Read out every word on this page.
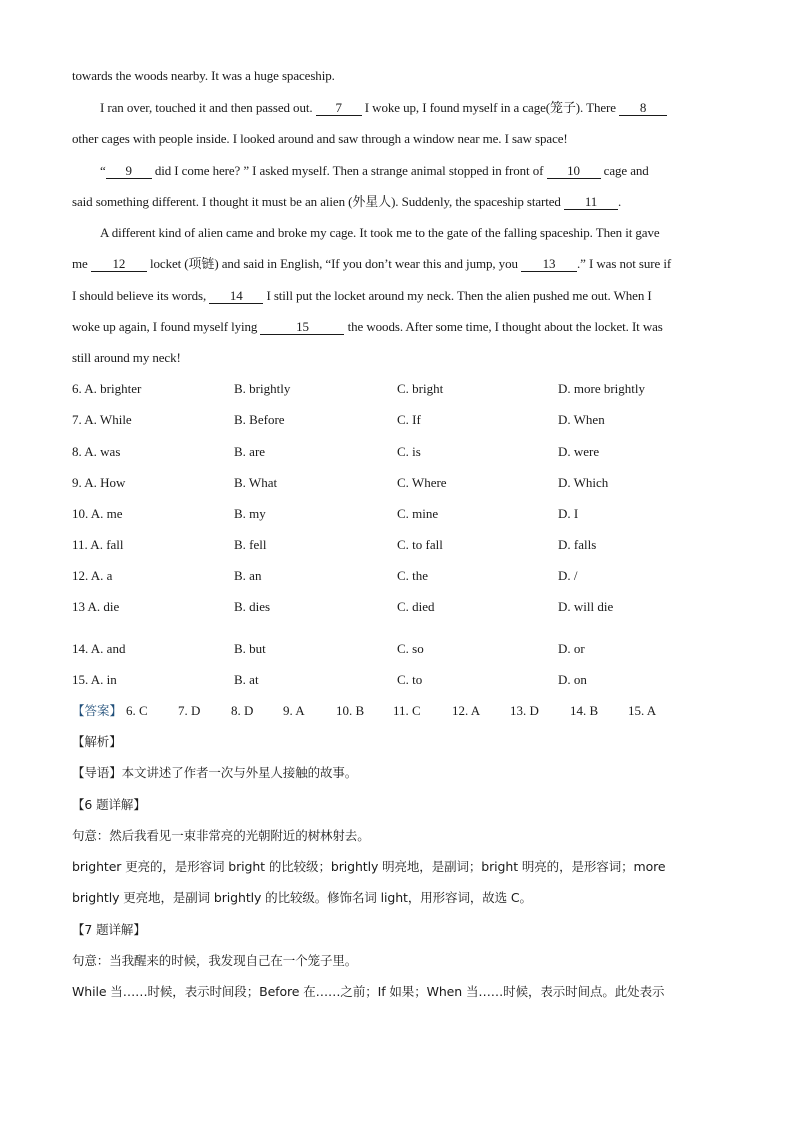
towards the woods nearby. It was a huge spaceship.
I ran over, touched it and then passed out. 7 I woke up, I found myself in a cage(笼子). There 8
other cages with people inside. I looked around and saw through a window near me. I saw space!
“ 9 did I come here? ” I asked myself. Then a strange animal stopped in front of 10 cage and
said something different. I thought it must be an alien (外星人). Suddenly, the spaceship started 11 .
A different kind of alien came and broke my cage. It took me to the gate of the falling spaceship. Then it gave
me 12 locket (项链) and said in English, “If you don’t wear this and jump, you 13 .” I was not sure if
I should believe its words, 14 I still put the locket around my neck. Then the alien pushed me out. When I
woke up again, I found myself lying	15	the woods. After some time, I thought about the locket. It was
still around my neck!
6. A. brighter	B. brightly	C. bright	D. more brightly
7. A. While	B. Before	C. If	D. When
8. A. was	B. are	C. is	D. were
9. A. How	B. What	C. Where	D. Which
10. A. me	B. my	C. mine	D. I
11. A. fall	B. fell	C. to fall	D. falls
12. A. a	B. an	C. the	D. /
13 A. die	B. dies	C. died	D. will die
14. A. and	B. but	C. so	D. or
15. A. in	B. at	C. to	D. on
【答案】 6. C 7. D 8. D 9. A 10. B 11. C 12. A 13. D 14. B 15. A
【解析】
【导语】本文讲述了作者一次与外星人接触的故事。
【6 题详解】
句意：然后我看见一束非常亮的光朝附近的树林射去。
brighter 更亮的，是形容词 bright 的比较级；brightly 明亮地，是副词；bright 明亮的，是形容词；more
brightly 更亮地，是副词 brightly 的比较级。修饰名词 light，用形容词，故选 C。
【7 题详解】
句意：当我醒来的时候，我发现自己在一个笼子里。
While 当……时候，表示时间段；Before 在……之前；If 如果；When 当……时候，表示时间点。此处表示
